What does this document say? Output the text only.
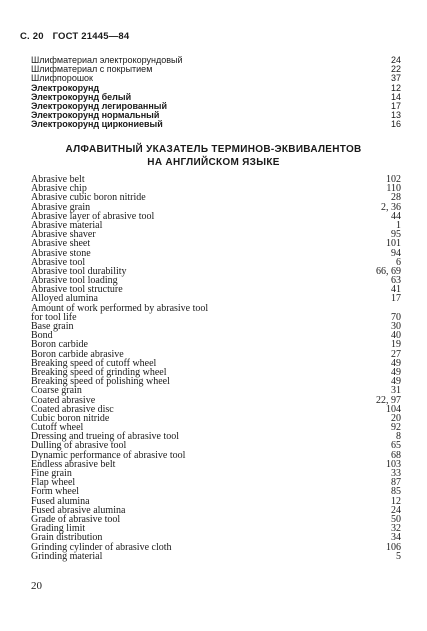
С. 20 ГОСТ 21445—84
Шлифматериал электрокорундовый	24
Шлифматериал с покрытием	22
Шлифпорошок	37
Электрокорунд	12
Электрокорунд белый	14
Электрокорунд легированный	17
Электрокорунд нормальный	13
Электрокорунд циркониевый	16
АЛФАВИТНЫЙ УКАЗАТЕЛЬ ТЕРМИНОВ-ЭКВИВАЛЕНТОВ
НА АНГЛИЙСКОМ ЯЗЫКЕ
Abrasive belt	102
Abrasive chip	110
Abrasive cubic boron nitride	28
Abrasive grain	2, 36
Abrasive layer of abrasive tool	44
Abrasive material	1
Abrasive shaver	95
Abrasive sheet	101
Abrasive stone	94
Abrasive tool	6
Abrasive tool durability	66, 69
Abrasive tool loading	63
Abrasive tool structure	41
Alloyed alumina	17
Amount of work performed by abrasive tool
for tool life	70
Base grain	30
Bond	40
Boron carbide	19
Boron carbide abrasive	27
Breaking speed of cutoff wheel	49
Breaking speed of grinding wheel	49
Breaking speed of polishing wheel	49
Coarse grain	31
Coated abrasive	22, 97
Coated abrasive disc	104
Cubic boron nitride	20
Cutoff wheel	92
Dressing and trueing of abrasive tool	8
Dulling of abrasive tool	65
Dynamic performance of abrasive tool	68
Endless abrasive belt	103
Fine grain	33
Flap wheel	87
Form wheel	85
Fused alumina	12
Fused abrasive alumina	24
Grade of abrasive tool	50
Grading limit	32
Grain distribution	34
Grinding cylinder of abrasive cloth	106
Grinding material	5
20
